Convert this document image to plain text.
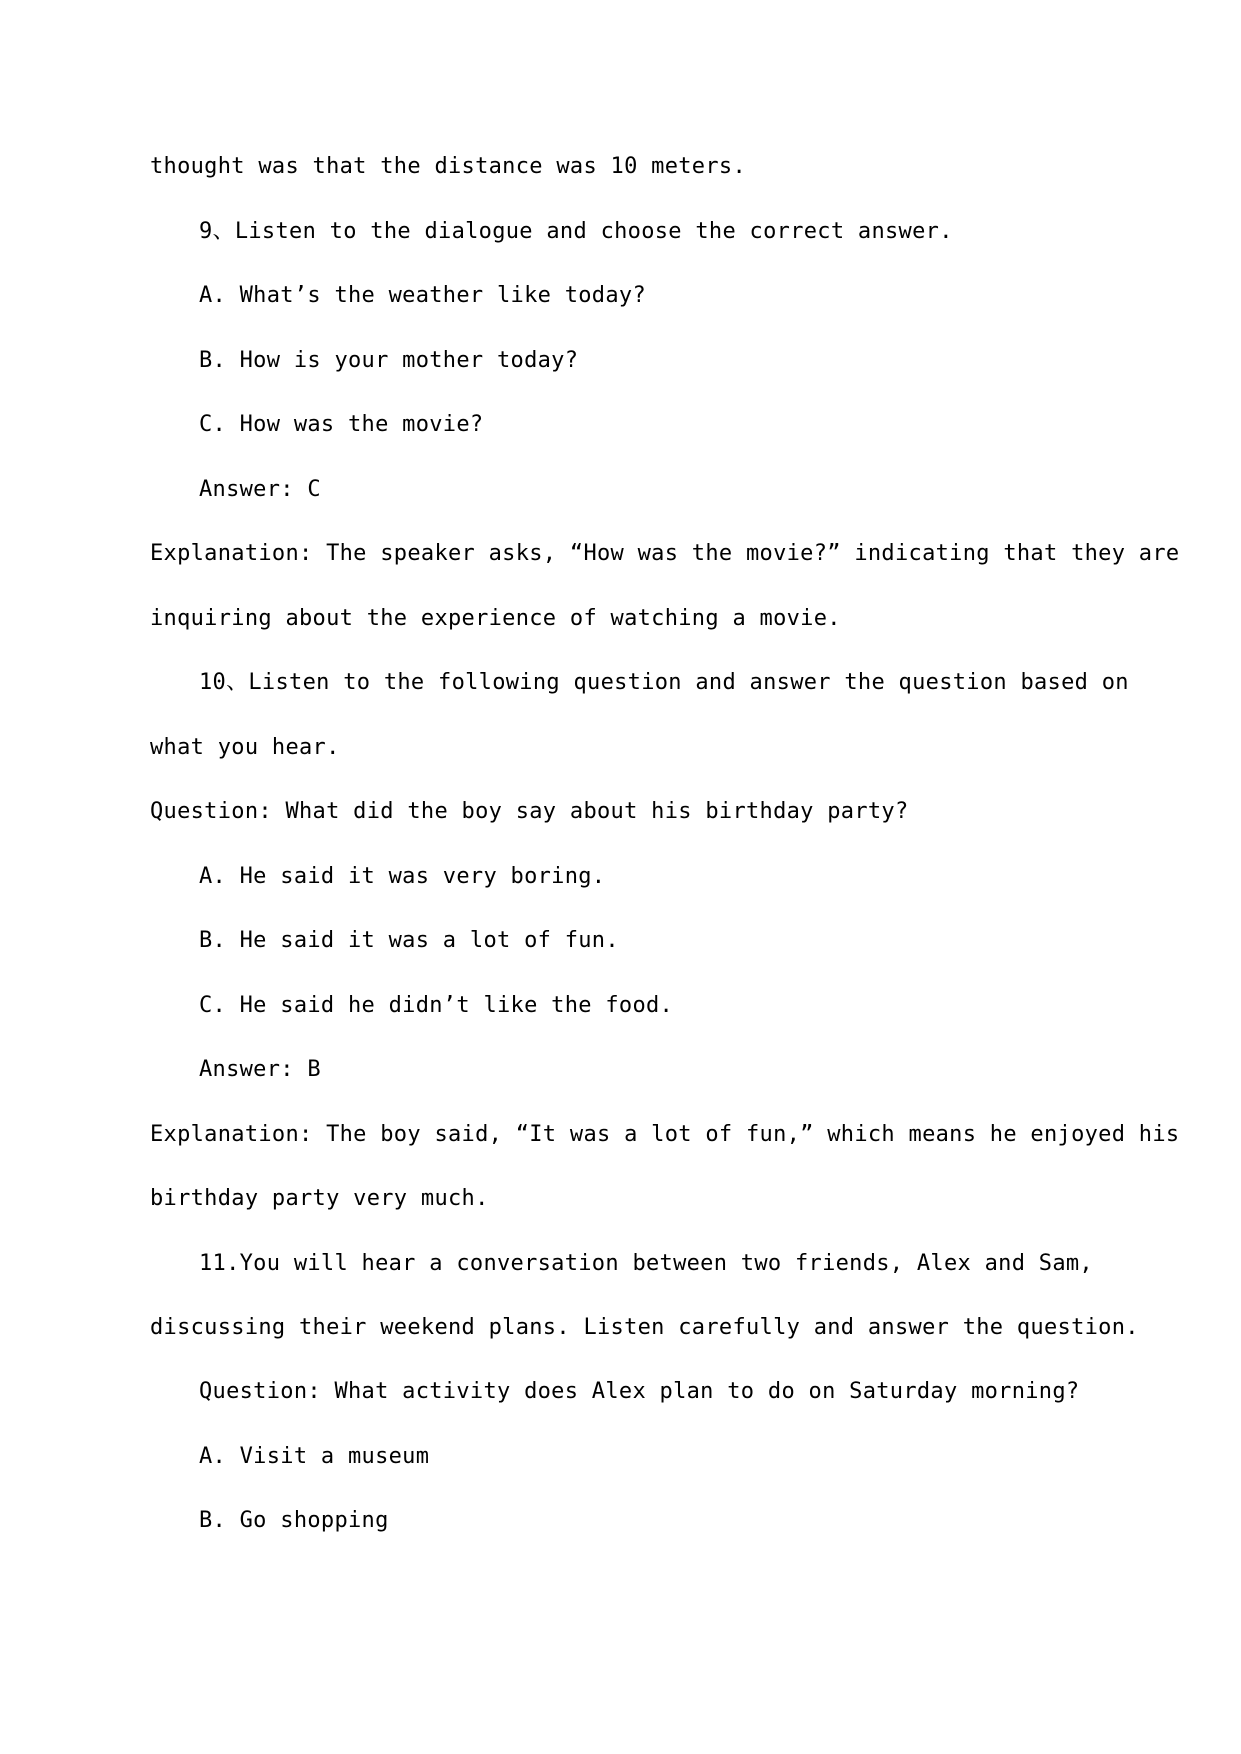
thought was that the distance was 10 meters.
9、Listen to the dialogue and choose the correct answer.
A. What’s the weather like today?
B. How is your mother today?
C. How was the movie?
Answer: C
Explanation: The speaker asks, “How was the movie?” indicating that they are
inquiring about the experience of watching a movie.
10、Listen to the following question and answer the question based on
what you hear.
Question: What did the boy say about his birthday party?
A. He said it was very boring.
B. He said it was a lot of fun.
C. He said he didn’t like the food.
Answer: B
Explanation: The boy said, “It was a lot of fun,” which means he enjoyed his
birthday party very much.
11.You will hear a conversation between two friends, Alex and Sam,
discussing their weekend plans. Listen carefully and answer the question.
Question: What activity does Alex plan to do on Saturday morning?
A. Visit a museum
B. Go shopping
